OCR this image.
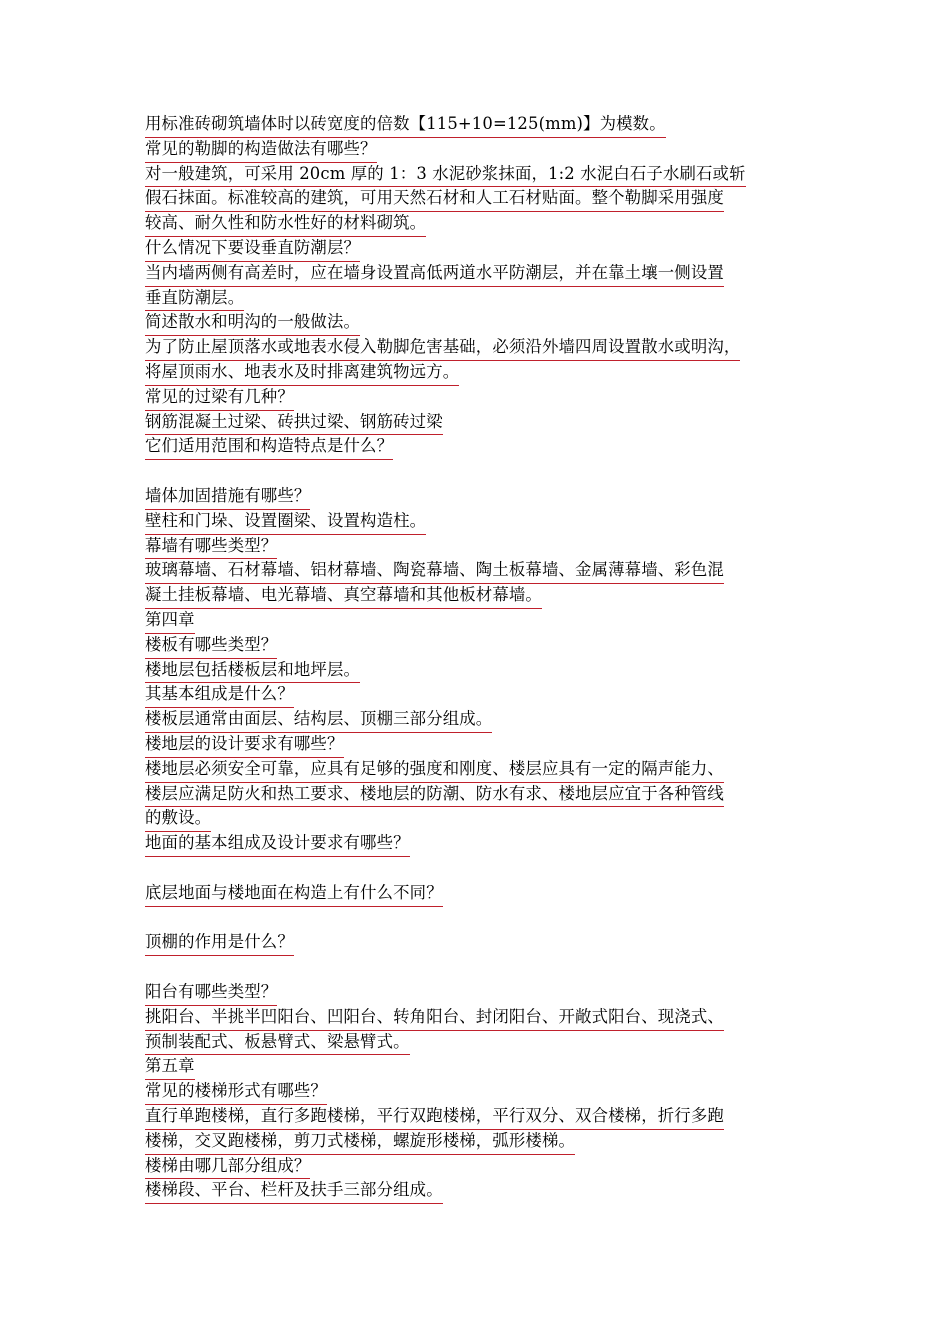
用标准砖砌筑墙体时以砖宽度的倍数【115+10=125(mm)】为模数。
常见的勒脚的构造做法有哪些？
对一般建筑，可采用 20cm 厚的 1：3 水泥砂浆抹面，1:2 水泥白石子水刷石或斩
假石抹面。标准较高的建筑，可用天然石材和人工石材贴面。整个勒脚采用强度
较高、耐久性和防水性好的材料砌筑。
什么情况下要设垂直防潮层？
当内墙两侧有高差时，应在墙身设置高低两道水平防潮层，并在靠土壤一侧设置
垂直防潮层。
简述散水和明沟的一般做法。
为了防止屋顶落水或地表水侵入勒脚危害基础，必须沿外墙四周设置散水或明沟，
将屋顶雨水、地表水及时排离建筑物远方。
常见的过梁有几种？
钢筋混凝土过梁、砖拱过梁、钢筋砖过梁
它们适用范围和构造特点是什么？
墙体加固措施有哪些？
壁柱和门垛、设置圈梁、设置构造柱。
幕墙有哪些类型？
玻璃幕墙、石材幕墙、铝材幕墙、陶瓷幕墙、陶土板幕墙、金属薄幕墙、彩色混
凝土挂板幕墙、电光幕墙、真空幕墙和其他板材幕墙。
第四章
楼板有哪些类型？
楼地层包括楼板层和地坪层。
其基本组成是什么？
楼板层通常由面层、结构层、顶棚三部分组成。
楼地层的设计要求有哪些？
楼地层必须安全可靠，应具有足够的强度和刚度、楼层应具有一定的隔声能力、
楼层应满足防火和热工要求、楼地层的防潮、防水有求、楼地层应宜于各种管线
的敷设。
地面的基本组成及设计要求有哪些？
底层地面与楼地面在构造上有什么不同？
顶棚的作用是什么？
阳台有哪些类型？
挑阳台、半挑半凹阳台、凹阳台、转角阳台、封闭阳台、开敞式阳台、现浇式、
预制装配式、板悬臂式、梁悬臂式。
第五章
常见的楼梯形式有哪些？
直行单跑楼梯，直行多跑楼梯，平行双跑楼梯，平行双分、双合楼梯，折行多跑
楼梯，交叉跑楼梯，剪刀式楼梯，螺旋形楼梯，弧形楼梯。
楼梯由哪几部分组成？
楼梯段、平台、栏杆及扶手三部分组成。
